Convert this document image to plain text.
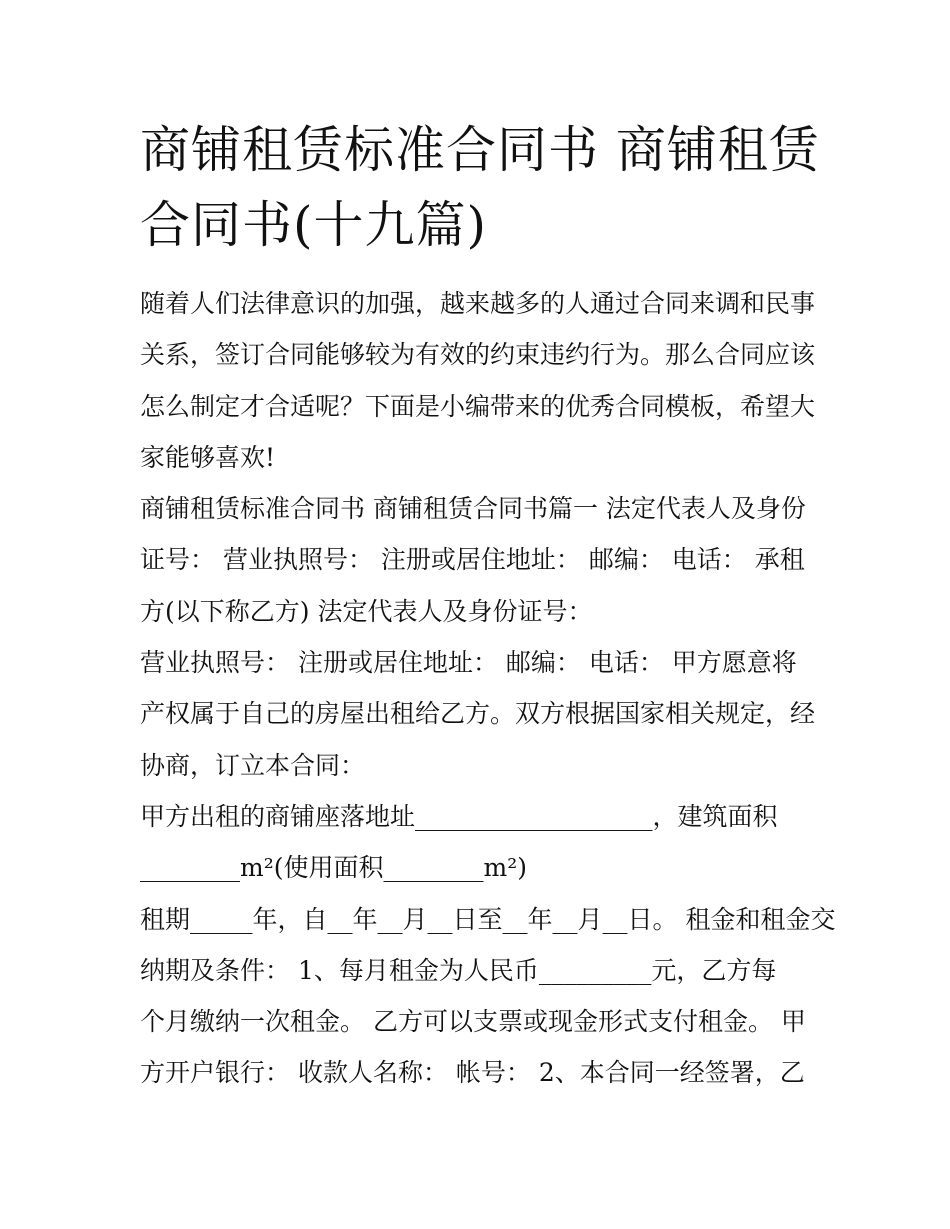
商铺租赁标准合同书 商铺租赁
合同书(十九篇)
随着人们法律意识的加强，越来越多的人通过合同来调和民事
关系，签订合同能够较为有效的约束违约行为。那么合同应该
怎么制定才合适呢？下面是小编带来的优秀合同模板，希望大
家能够喜欢!
商铺租赁标准合同书 商铺租赁合同书篇一 法定代表人及身份
证号： 营业执照号： 注册或居住地址： 邮编： 电话： 承租
方(以下称乙方) 法定代表人及身份证号：
营业执照号： 注册或居住地址： 邮编： 电话： 甲方愿意将
产权属于自己的房屋出租给乙方。双方根据国家相关规定，经
协商，订立本合同：
甲方出租的商铺座落地址___________________，建筑面积
________m²(使用面积________m²)
租期_____年，自__年__月__日至__年__月__日。 租金和租金交
纳期及条件： 1、每月租金为人民币_________元，乙方每
个月缴纳一次租金。 乙方可以支票或现金形式支付租金。 甲
方开户银行： 收款人名称： 帐号： 2、本合同一经签署，乙
